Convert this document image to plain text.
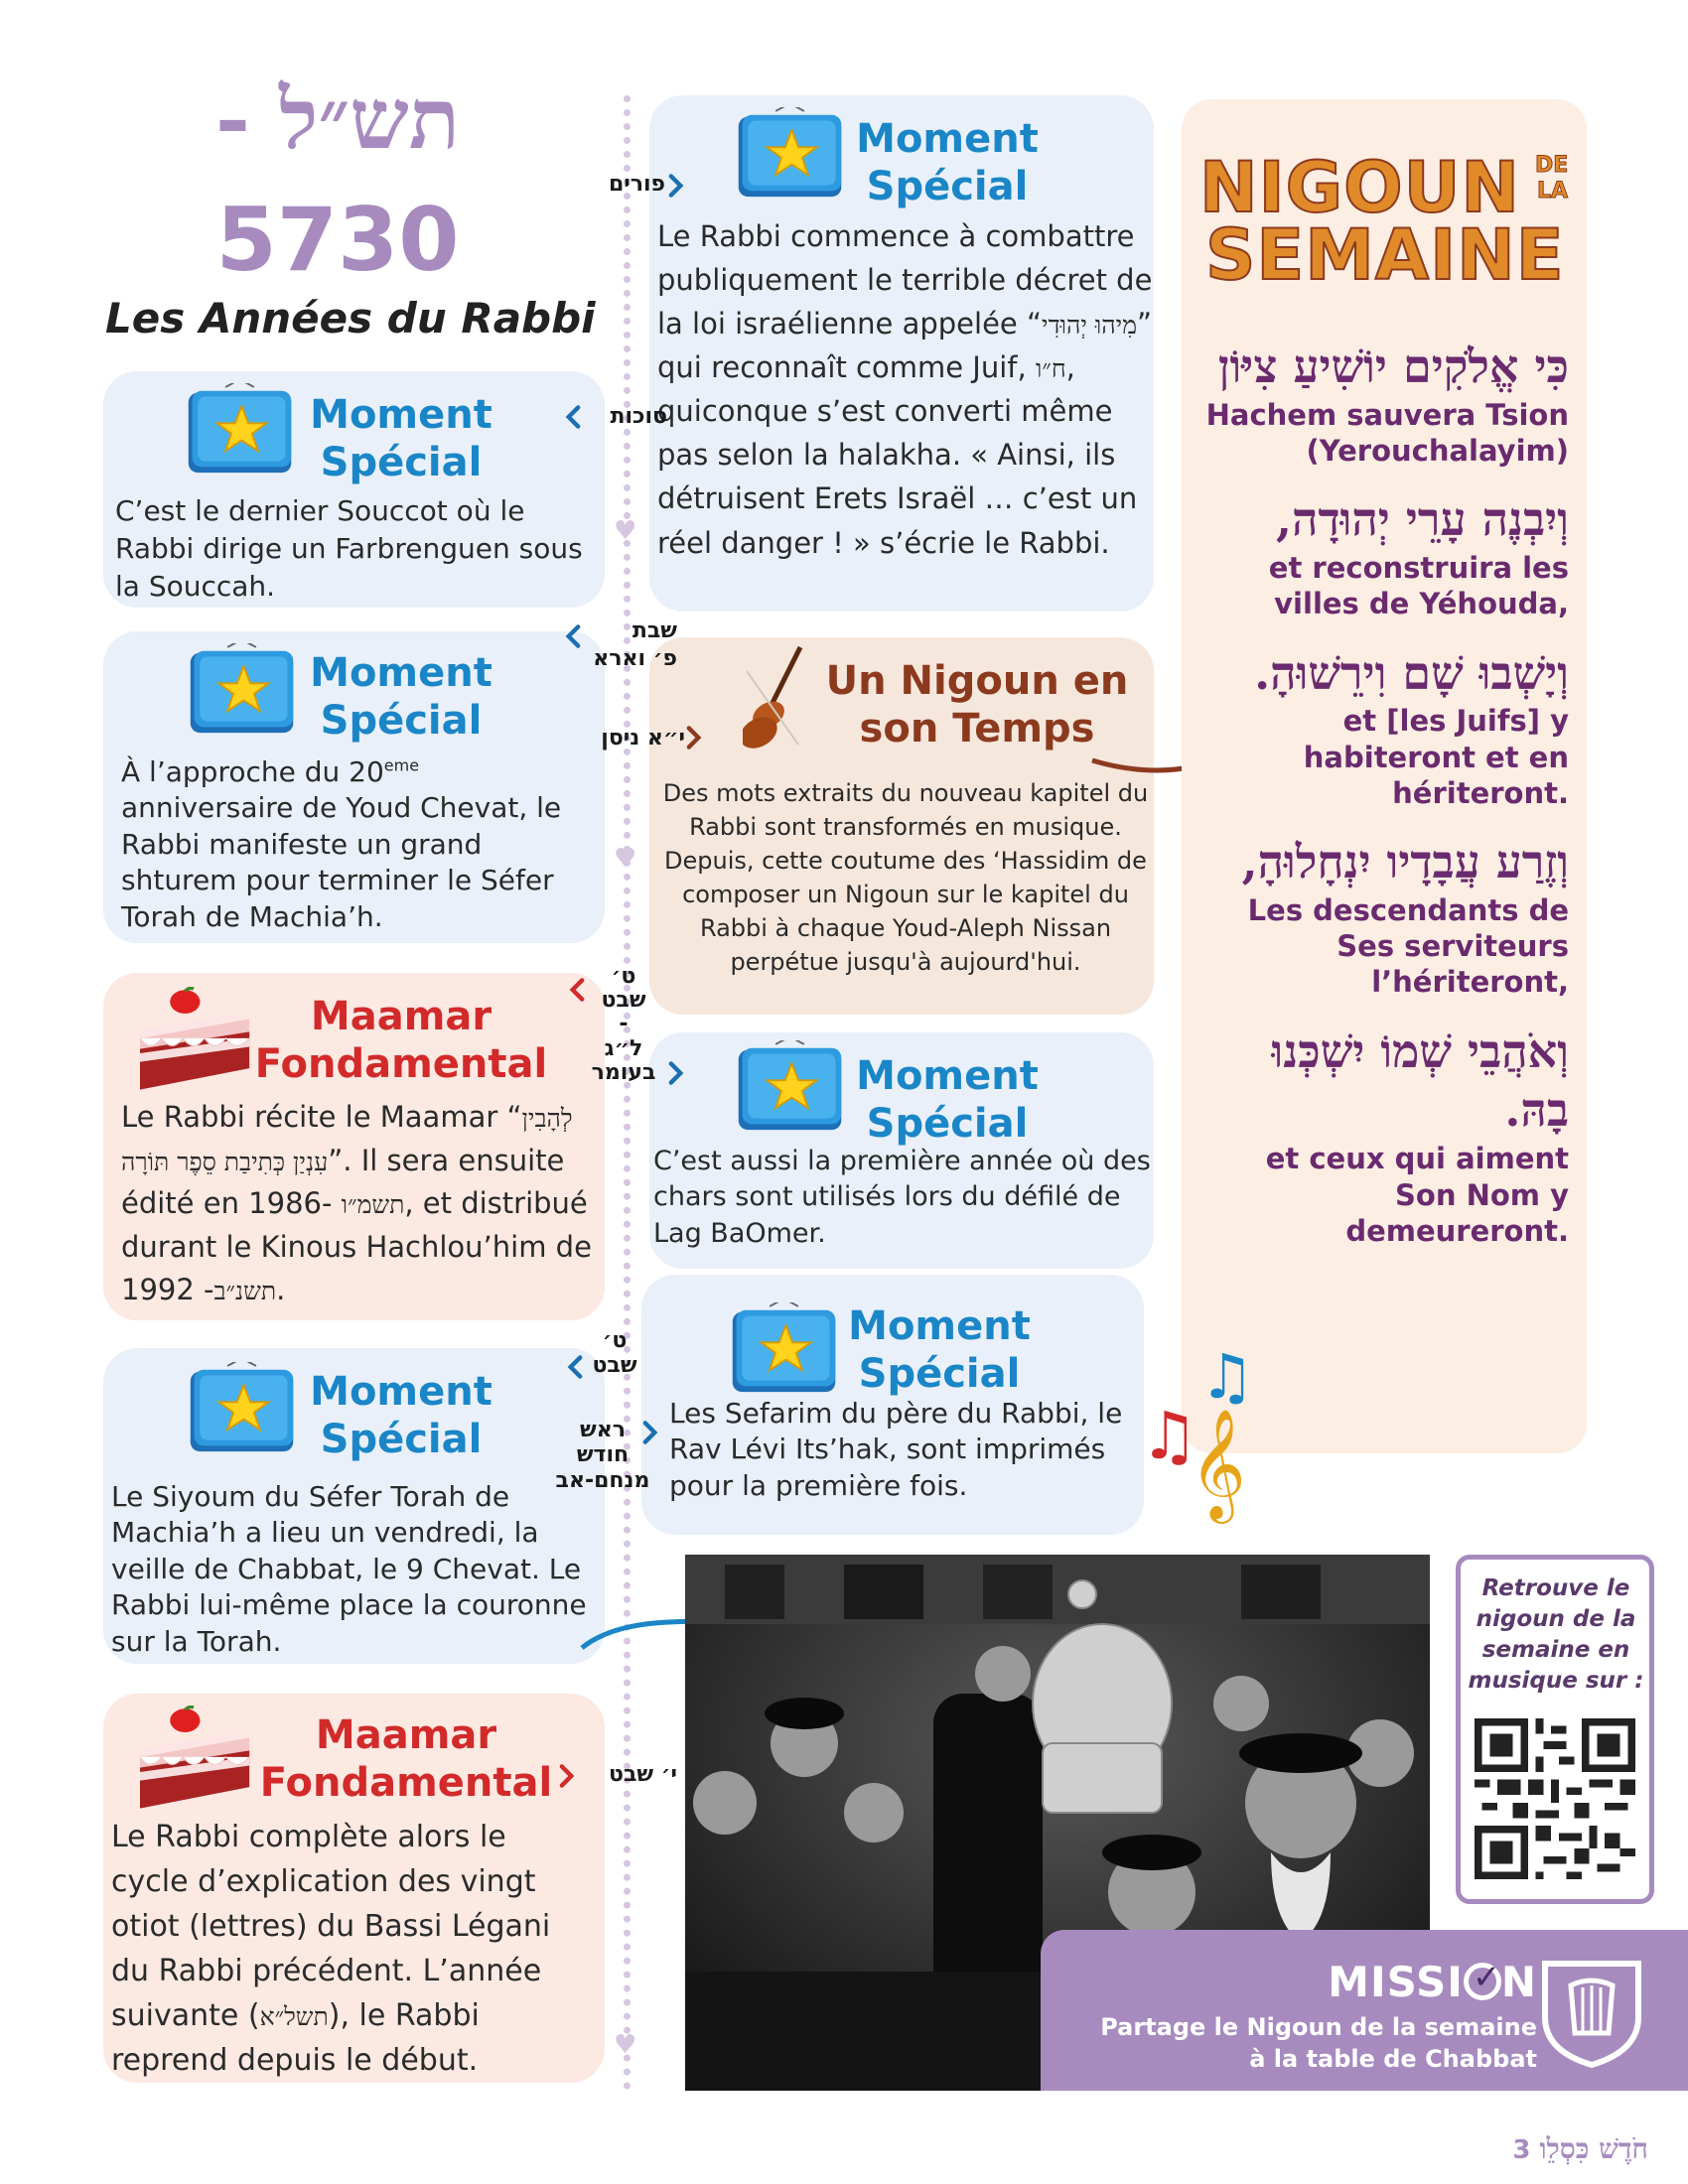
תש״ל -
5730
Les Années du Rabbi
♥
♥
♥
Moment
Spécial
C’est le dernier Souccot où le Rabbi dirige un Farbrenguen sous la Souccah.
Moment
Spécial
À l’approche du 20eme anniversaire de Youd Chevat, le Rabbi manifeste un grand shturem pour terminer le Séfer Torah de Machia’h.
Maamar
Fondamental
Le Rabbi récite le Maamar “לְהָבִין עִנְיַן כְּתִיבַת סֵפֶר תּוֹרָה”. Il sera ensuite édité en 1986- תשמ״ו, et distribué durant le Kinous Hachlou’him de 1992 -תשנ״ב.
Moment
Spécial
Le Siyoum du Séfer Torah de Machia’h a lieu un vendredi, la veille de Chabbat, le 9 Chevat. Le Rabbi lui-même place la couronne sur la Torah.
Maamar
Fondamental
Le Rabbi complète alors le cycle d’explication des vingt otiot (lettres) du Bassi Légani du Rabbi précédent. L’année suivante (תשל״א), le Rabbi reprend depuis le début.
Moment
Spécial
Le Rabbi commence à combattre publiquement le terrible décret de la loi israélienne appelée “מִיהוּ יְהוּדִי” qui reconnaît comme Juif, ח״ו, quiconque s’est converti même pas selon la halakha. « Ainsi, ils détruisent Erets Israël … c’est un réel danger ! » s’écrie le Rabbi.
Un Nigoun en
son Temps
Des mots extraits du nouveau kapitel du Rabbi sont transformés en musique. Depuis, cette coutume des ‘Hassidim de composer un Nigoun sur le kapitel du Rabbi à chaque Youd-Aleph Nissan perpétue jusqu'à aujourd'hui.
Moment
Spécial
C’est aussi la première année où des chars sont utilisés lors du défilé de Lag BaOmer.
Moment
Spécial
Les Sefarim du père du Rabbi, le Rav Lévi Its’hak, sont imprimés pour la première fois.
פורים
סוכות
שבת
פ׳ וארא
י״א ניסן
ט׳
שבט
-
ל״ג
בעומר
ט׳
שבט
ראש
חודש
מנחם-אב
י׳ שבט
NIGOUN DE
LA
SEMAINE
כִּי אֱלֹקִים יוֹשִׁיעַ צִיּוֹן
Hachem sauvera Tsion (Yerouchalayim)
וְיִבְנֶה עָרֵי יְהוּדָה,
et reconstruira les villes de Yéhouda,
וְיָשְׁבוּ שָׁם וִירֵשׁוּהָ.
et [les Juifs] y habiteront et en hériteront.
וְזֶרַע עֲבָדָיו יִנְחָלוּהָ,
Les descendants de Ses serviteurs l’hériteront,
וְאֹהֲבֵי שְׁמוֹ יִשְׁכְּנוּ בָהּ.
et ceux qui aiment Son Nom y demeureront.
♫
♫
𝄞
Retrouve le nigoun de la semaine en musique sur :
MISSI ✓ N
Partage le Nigoun de la semaine à la table de Chabbat
חֹדֶשׁ כִּסְלֵו 3
